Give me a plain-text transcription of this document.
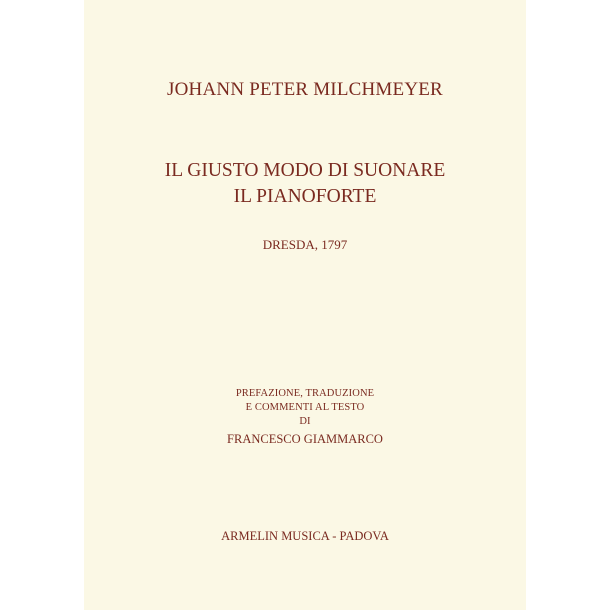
JOHANN PETER MILCHMEYER
IL GIUSTO MODO DI SUONARE
IL PIANOFORTE
DRESDA, 1797
PREFAZIONE, TRADUZIONE
E COMMENTI AL TESTO
DI
FRANCESCO GIAMMARCO
ARMELIN MUSICA - PADOVA
